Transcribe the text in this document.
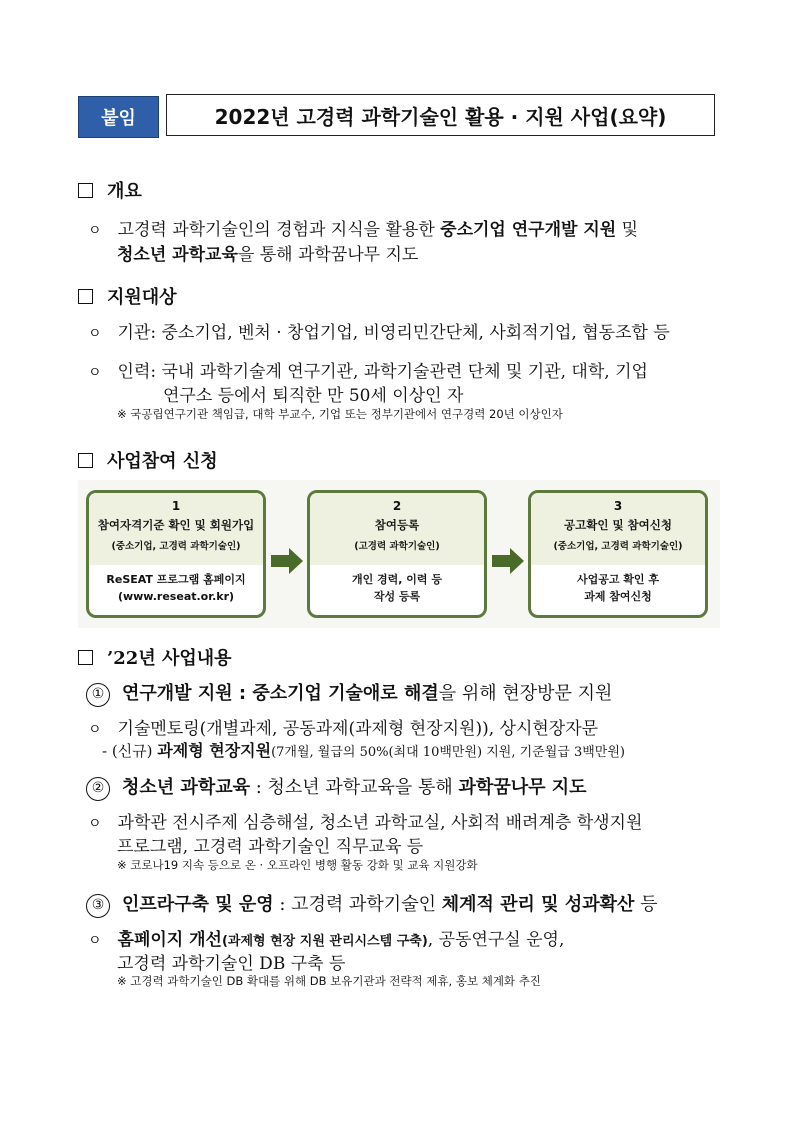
붙임	2022년 고경력 과학기술인 활용 · 지원 사업(요약)
개요
ㅇ 고경력 과학기술인의 경험과 지식을 활용한 중소기업 연구개발 지원 및
청소년 과학교육을 통해 과학꿈나무 지도
지원대상
ㅇ 기관: 중소기업, 벤처 · 창업기업, 비영리민간단체, 사회적기업, 협동조합 등
ㅇ 인력: 국내 과학기술계 연구기관, 과학기술관련 단체 및 기관, 대학, 기업
연구소 등에서 퇴직한 만 50세 이상인 자
※ 국공립연구기관 책임급, 대학 부교수, 기업 또는 정부기관에서 연구경력 20년 이상인자
사업참여 신청
1
참여자격기준 확인 및 회원가입
(중소기업, 고경력 과학기술인)
ReSEAT 프로그램 홈페이지
(www.reseat.or.kr)
2
참여등록
(고경력 과학기술인)
개인 경력, 이력 등
작성 등록
3
공고확인 및 참여신청
(중소기업, 고경력 과학기술인)
사업공고 확인 후
과제 참여신청
’22년 사업내용
① 연구개발 지원 : 중소기업 기술애로 해결을 위해 현장방문 지원
ㅇ 기술멘토링(개별과제, 공동과제(과제형 현장지원)), 상시현장자문
- (신규) 과제형 현장지원(7개월, 월급의 50%(최대 10백만원) 지원, 기준월급 3백만원)
② 청소년 과학교육 : 청소년 과학교육을 통해 과학꿈나무 지도
ㅇ 과학관 전시주제 심층해설, 청소년 과학교실, 사회적 배려계층 학생지원
프로그램, 고경력 과학기술인 직무교육 등
※ 코로나19 지속 등으로 온 · 오프라인 병행 활동 강화 및 교육 지원강화
③ 인프라구축 및 운영 : 고경력 과학기술인 체계적 관리 및 성과확산 등
ㅇ 홈페이지 개선(과제형 현장 지원 관리시스템 구축), 공동연구실 운영,
고경력 과학기술인 DB 구축 등
※ 고경력 과학기술인 DB 확대를 위해 DB 보유기관과 전략적 제휴, 홍보 체계화 추진
